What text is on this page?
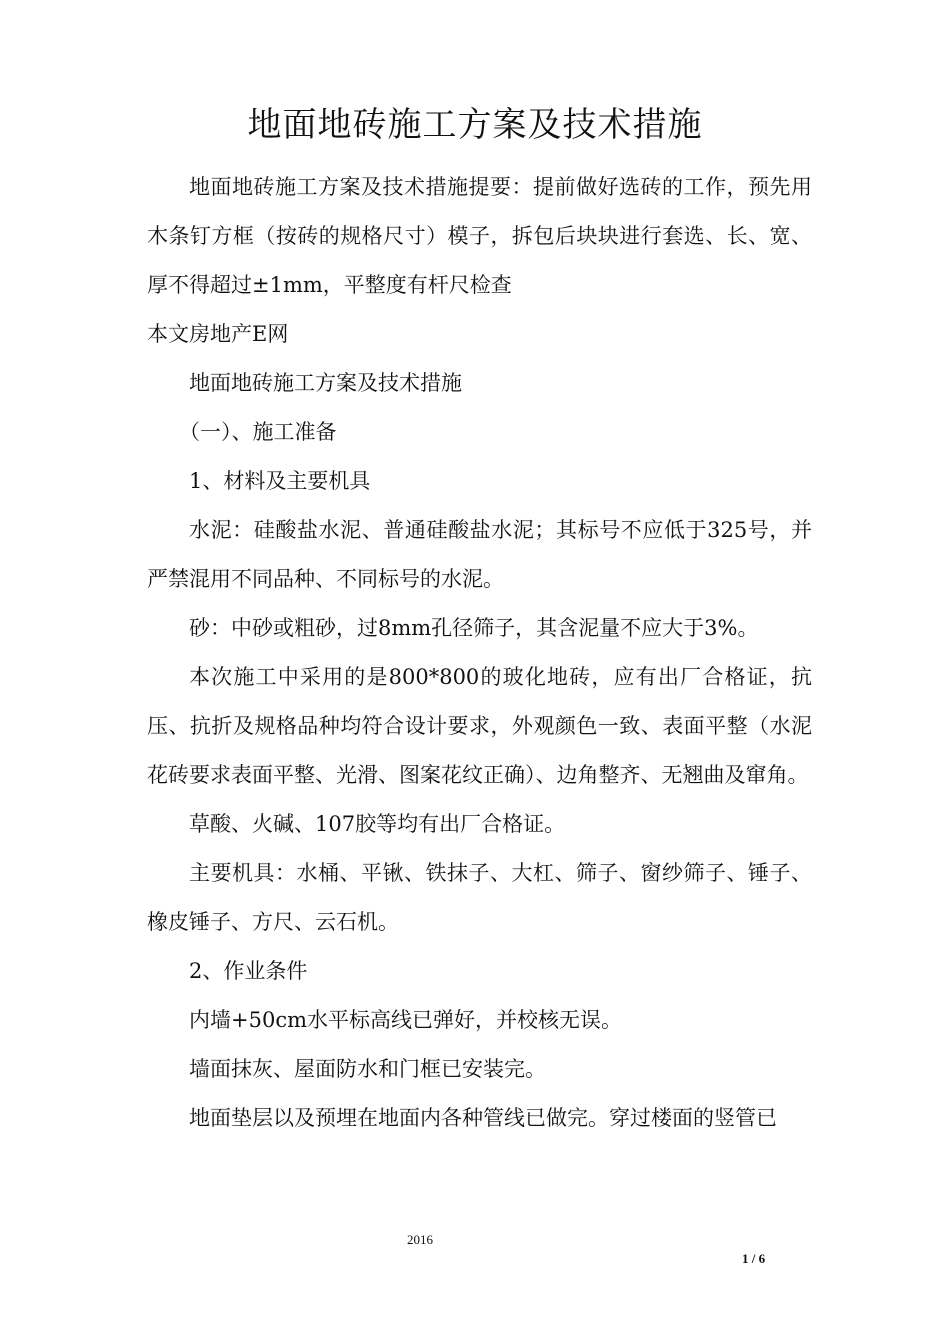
地面地砖施工方案及技术措施

地面地砖施工方案及技术措施提要：提前做好选砖的工作，预先用木条钉方框（按砖的规格尺寸）模子，拆包后块块进行套选、长、宽、厚不得超过±1mm，平整度有杆尺检查

本文房地产E网

地面地砖施工方案及技术措施

（一）、施工准备

1、材料及主要机具

水泥：硅酸盐水泥、普通硅酸盐水泥；其标号不应低于325号，并严禁混用不同品种、不同标号的水泥。

砂：中砂或粗砂，过8mm孔径筛子，其含泥量不应大于3%。

本次施工中采用的是800*800的玻化地砖，应有出厂合格证，抗压、抗折及规格品种均符合设计要求，外观颜色一致、表面平整（水泥花砖要求表面平整、光滑、图案花纹正确）、边角整齐、无翘曲及窜角。

草酸、火碱、107胶等均有出厂合格证。

主要机具：水桶、平锹、铁抹子、大杠、筛子、窗纱筛子、锤子、橡皮锤子、方尺、云石机。

2、作业条件

内墙+50cm水平标高线已弹好，并校核无误。

墙面抹灰、屋面防水和门框已安装完。

地面垫层以及预埋在地面内各种管线已做完。穿过楼面的竖管已

2016
1 / 6
